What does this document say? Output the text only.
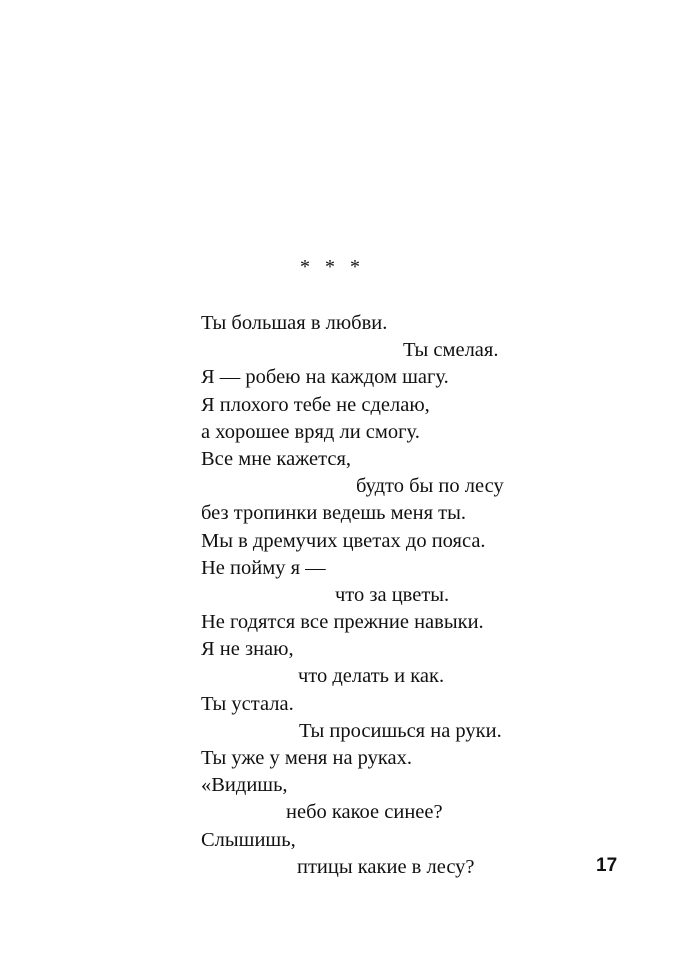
*   *   *
Ты большая в любви.
Ты смелая.
Я — робею на каждом шагу.
Я плохого тебе не сделаю,
а хорошее вряд ли смогу.
Все мне кажется,
будто бы по лесу
без тропинки ведешь меня ты.
Мы в дремучих цветах до пояса.
Не пойму я —
что за цветы.
Не годятся все прежние навыки.
Я не знаю,
что делать и как.
Ты устала.
Ты просишься на руки.
Ты уже у меня на руках.
«Видишь,
небо какое синее?
Слышишь,
птицы какие в лесу?	17
